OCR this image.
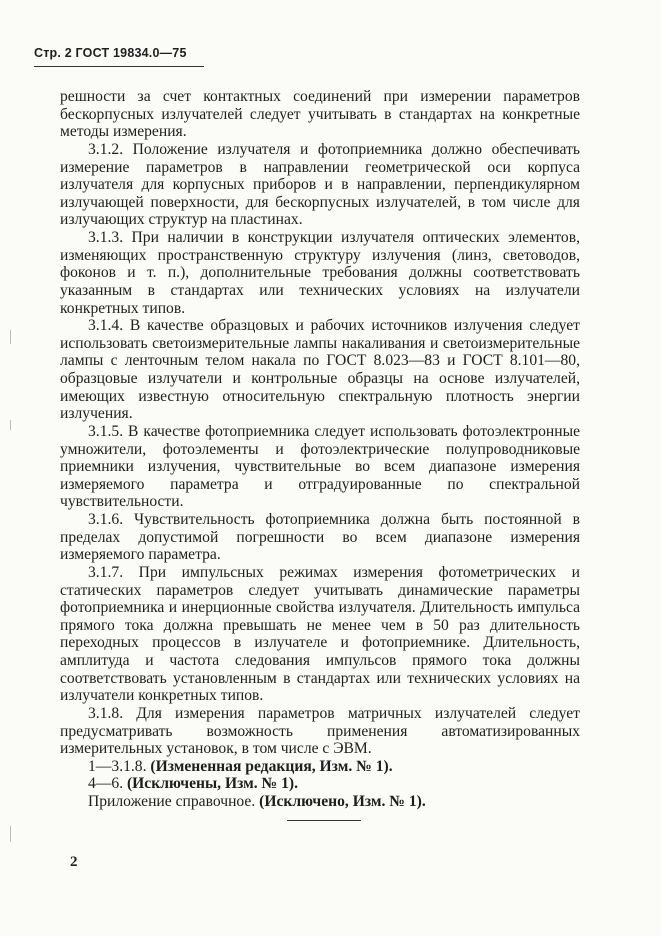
Стр. 2 ГОСТ 19834.0—75

решности за счет контактных соединений при измерении параметров бескорпусных излучателей следует учитывать в стандартах на конкретные методы измерения.

3.1.2. Положение излучателя и фотоприемника должно обеспечивать измерение параметров в направлении геометрической оси корпуса излучателя для корпусных приборов и в направлении, перпендикулярном излучающей поверхности, для бескорпусных излучателей, в том числе для излучающих структур на пластинах.

3.1.3. При наличии в конструкции излучателя оптических элементов, изменяющих пространственную структуру излучения (линз, световодов, фоконов и т. п.), дополнительные требования должны соответствовать указанным в стандартах или технических условиях на излучатели конкретных типов.

3.1.4. В качестве образцовых и рабочих источников излучения следует использовать светоизмерительные лампы накаливания и светоизмерительные лампы с ленточным телом накала по ГОСТ 8.023—83 и ГОСТ 8.101—80, образцовые излучатели и контрольные образцы на основе излучателей, имеющих известную относительную спектральную плотность энергии излучения.

3.1.5. В качестве фотоприемника следует использовать фотоэлектронные умножители, фотоэлементы и фотоэлектрические полупроводниковые приемники излучения, чувствительные во всем диапазоне измерения измеряемого параметра и отградуированные по спектральной чувствительности.

3.1.6. Чувствительность фотоприемника должна быть постоянной в пределах допустимой погрешности во всем диапазоне измерения измеряемого параметра.

3.1.7. При импульсных режимах измерения фотометрических и статических параметров следует учитывать динамические параметры фотоприемника и инерционные свойства излучателя. Длительность импульса прямого тока должна превышать не менее чем в 50 раз длительность переходных процессов в излучателе и фотоприемнике. Длительность, амплитуда и частота следования импульсов прямого тока должны соответствовать установленным в стандартах или технических условиях на излучатели конкретных типов.

3.1.8. Для измерения параметров матричных излучателей следует предусматривать возможность применения автоматизированных измерительных установок, в том числе с ЭВМ.

1—3.1.8. (Измененная редакция, Изм. № 1).

4—6. (Исключены, Изм. № 1).

Приложение справочное. (Исключено, Изм. № 1).

2
